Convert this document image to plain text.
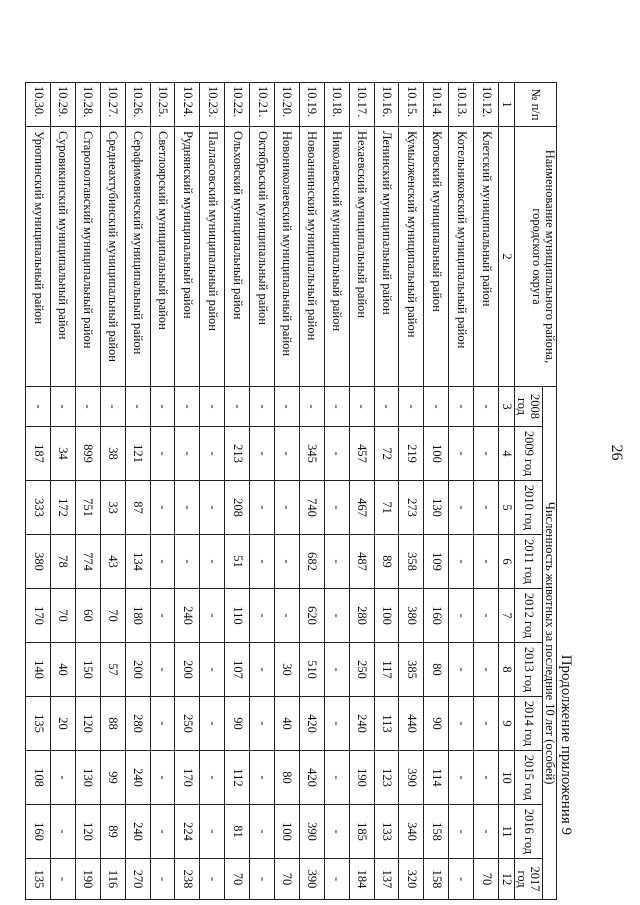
26
Продолжение приложения 9
№ п/п	Наименование муниципального района, городского округа	Численность животных за последние 10 лет (особей)									
		2008 год	2009 год	2010 год	2011 год	2012 год	2013 год	2014 год	2015 год	2016 год	2017 год
1	2	3	4	5	6	7	8	9	10	11	12
10.12.	Клетский муниципальный район	-	-	-	-	-	-	-	-	-	70
10.13.	Котельниковский муниципальный район	-	-	-	-	-	-	-	-	-	-
10.14.	Котовский муниципальный район	-	100	130	109	160	80	90	114	158	158
10.15.	Кумылженский муниципальный район	-	219	273	358	380	385	440	390	340	320
10.16.	Ленинский муниципальный район	-	72	71	89	100	117	113	123	133	137
10.17.	Нехаевский муниципальный район	-	457	467	487	280	250	240	190	185	184
10.18.	Николаевский муниципальный район	-	-	-	-	-	-	-	-	-	-
10.19.	Новоаннинский муниципальный район	-	345	740	682	620	510	420	420	390	390
10.20.	Новониколаевский муниципальный район	-	-	-	-	-	30	40	80	100	70
10.21.	Октябрьский муниципальный район	-	-	-	-	-	-	-	-	-	-
10.22.	Ольховский муниципальный район	-	213	208	51	110	107	90	112	81	70
10.23.	Палласовский муниципальный район	-	-	-	-	-	-	-	-	-	-
10.24.	Руднянский муниципальный район	-	-	-	-	240	200	250	170	224	238
10.25.	Светлоярский муниципальный район	-	-	-	-	-	-	-	-	-	-
10.26.	Серафимовичский муниципальный район	-	121	87	134	180	200	280	240	240	270
10.27.	Среднеахтубинский муниципальный район	-	38	33	43	70	57	88	99	89	116
10.28.	Старополтавский муниципальный район	-	899	751	774	60	150	120	130	120	190
10.29.	Суровикинский муниципальный район	-	34	172	78	70	40	20	-	-	-
10.30.	Урюпинский муниципальный район	-	187	333	380	170	140	135	108	160	135
